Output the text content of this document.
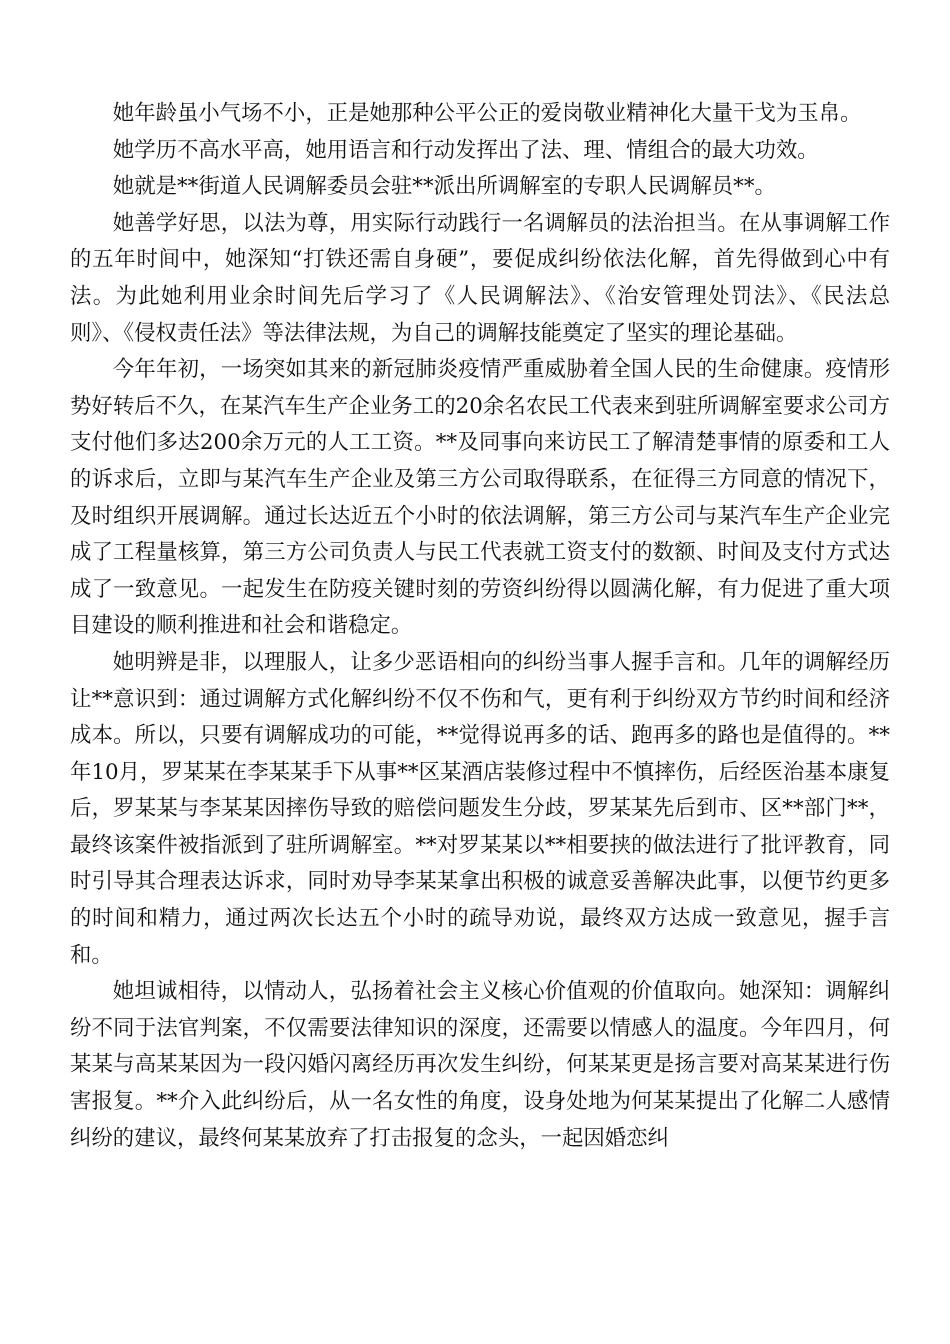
她年龄虽小气场不小，正是她那种公平公正的爱岗敬业精神化大量干戈为玉帛。

她学历不高水平高，她用语言和行动发挥出了法、理、情组合的最大功效。

她就是**街道人民调解委员会驻**派出所调解室的专职人民调解员**。

她善学好思，以法为尊，用实际行动践行一名调解员的法治担当。在从事调解工作的五年时间中，她深知“打铁还需自身硬”，要促成纠纷依法化解，首先得做到心中有法。为此她利用业余时间先后学习了《人民调解法》、《治安管理处罚法》、《民法总则》、《侵权责任法》等法律法规，为自己的调解技能奠定了坚实的理论基础。

今年年初，一场突如其来的新冠肺炎疫情严重威胁着全国人民的生命健康。疫情形势好转后不久，在某汽车生产企业务工的20余名农民工代表来到驻所调解室要求公司方支付他们多达200余万元的人工工资。**及同事向来访民工了解清楚事情的原委和工人的诉求后，立即与某汽车生产企业及第三方公司取得联系，在征得三方同意的情况下，及时组织开展调解。通过长达近五个小时的依法调解，第三方公司与某汽车生产企业完成了工程量核算，第三方公司负责人与民工代表就工资支付的数额、时间及支付方式达成了一致意见。一起发生在防疫关键时刻的劳资纠纷得以圆满化解，有力促进了重大项目建设的顺利推进和社会和谐稳定。

她明辨是非，以理服人，让多少恶语相向的纠纷当事人握手言和。几年的调解经历让**意识到：通过调解方式化解纠纷不仅不伤和气，更有利于纠纷双方节约时间和经济成本。所以，只要有调解成功的可能，**觉得说再多的话、跑再多的路也是值得的。**年10月，罗某某在李某某手下从事**区某酒店装修过程中不慎摔伤，后经医治基本康复后，罗某某与李某某因摔伤导致的赔偿问题发生分歧，罗某某先后到市、区**部门**，最终该案件被指派到了驻所调解室。**对罗某某以**相要挟的做法进行了批评教育，同时引导其合理表达诉求，同时劝导李某某拿出积极的诚意妥善解决此事，以便节约更多的时间和精力，通过两次长达五个小时的疏导劝说，最终双方达成一致意见，握手言和。

她坦诚相待，以情动人，弘扬着社会主义核心价值观的价值取向。她深知：调解纠纷不同于法官判案，不仅需要法律知识的深度，还需要以情感人的温度。今年四月，何某某与高某某因为一段闪婚闪离经历再次发生纠纷，何某某更是扬言要对高某某进行伤害报复。**介入此纠纷后，从一名女性的角度，设身处地为何某某提出了化解二人感情纠纷的建议，最终何某某放弃了打击报复的念头，一起因婚恋纠
